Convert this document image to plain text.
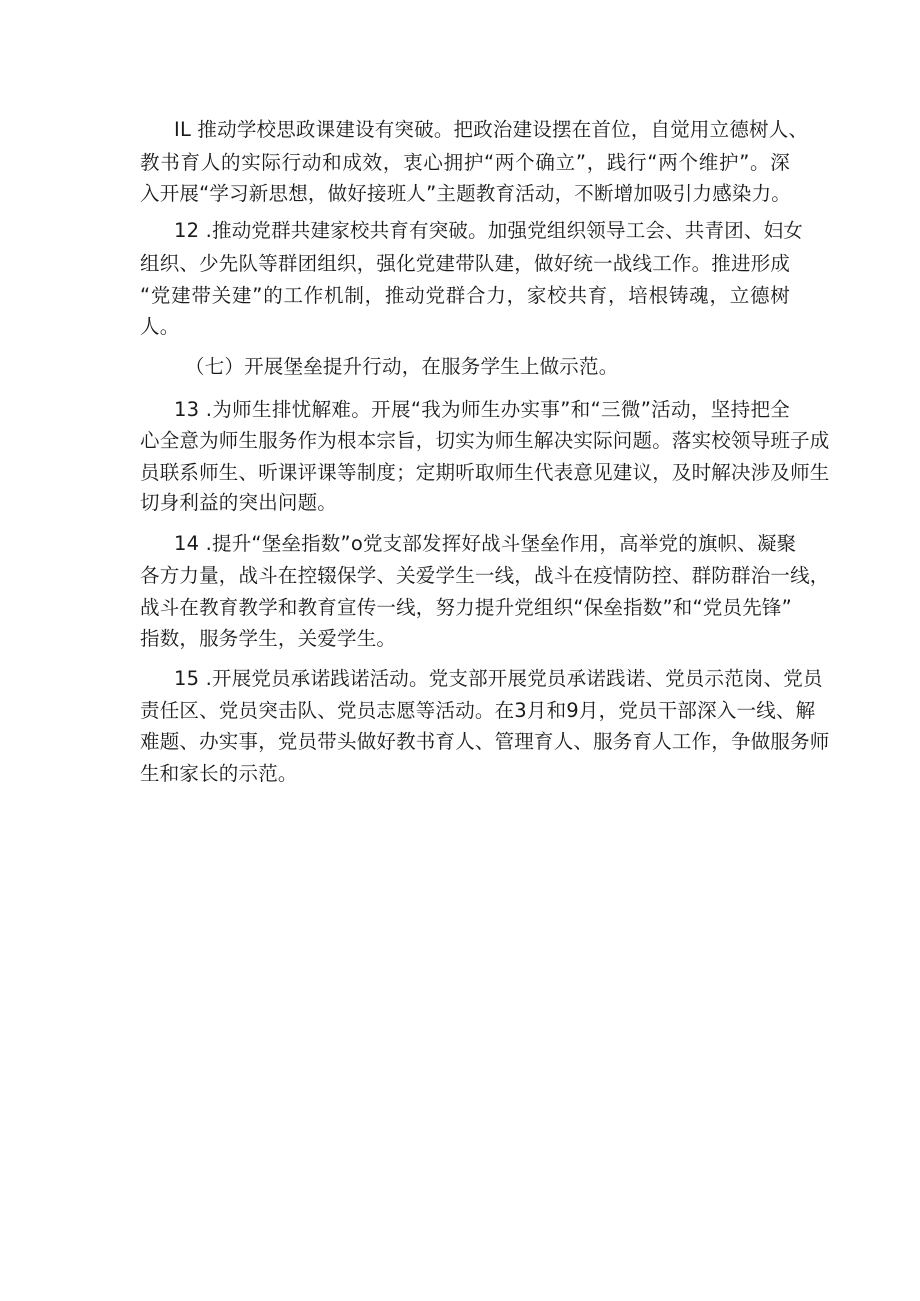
IL 推动学校思政课建设有突破。把政治建设摆在首位，自觉用立德树人、
教书育人的实际行动和成效，衷心拥护“两个确立”，践行“两个维护”。深
入开展“学习新思想，做好接班人”主题教育活动，不断增加吸引力感染力。
12 .推动党群共建家校共育有突破。加强党组织领导工会、共青团、妇女
组织、少先队等群团组织，强化党建带队建，做好统一战线工作。推进形成
“党建带关建”的工作机制，推动党群合力，家校共育，培根铸魂，立德树
人。
（七）开展堡垒提升行动，在服务学生上做示范。
13 .为师生排忧解难。开展“我为师生办实事”和“三微”活动，坚持把全
心全意为师生服务作为根本宗旨，切实为师生解决实际问题。落实校领导班子成
员联系师生、听课评课等制度；定期听取师生代表意见建议，及时解决涉及师生
切身利益的突出问题。
14 .提升“堡垒指数”o党支部发挥好战斗堡垒作用，高举党的旗帜、凝聚
各方力量，战斗在控辍保学、关爱学生一线，战斗在疫情防控、群防群治一线，
战斗在教育教学和教育宣传一线，努力提升党组织“保垒指数”和“党员先锋”
指数，服务学生，关爱学生。
15 .开展党员承诺践诺活动。党支部开展党员承诺践诺、党员示范岗、党员
责任区、党员突击队、党员志愿等活动。在3月和9月，党员干部深入一线、解
难题、办实事，党员带头做好教书育人、管理育人、服务育人工作，争做服务师
生和家长的示范。
